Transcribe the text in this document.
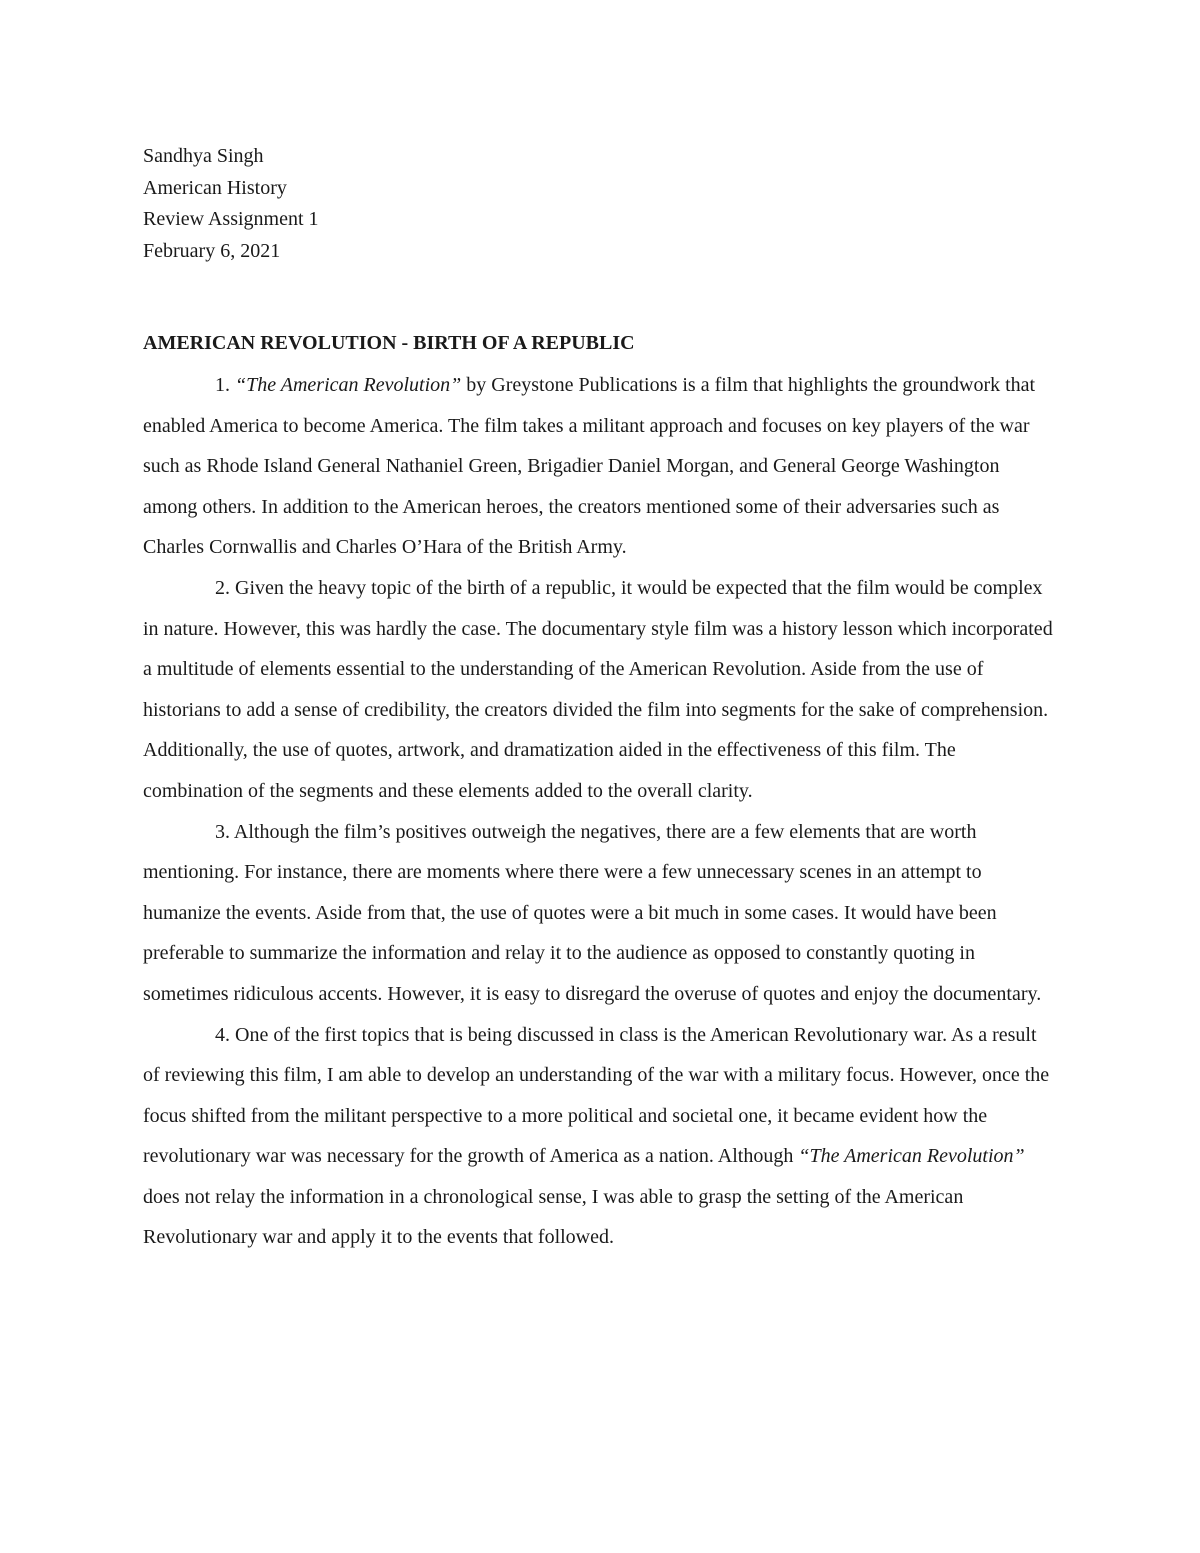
Sandhya Singh
American History
Review Assignment 1
February 6, 2021
AMERICAN REVOLUTION - BIRTH OF A REPUBLIC

1. “The American Revolution” by Greystone Publications is a film that highlights the groundwork that enabled America to become America. The film takes a militant approach and focuses on key players of the war such as Rhode Island General Nathaniel Green, Brigadier Daniel Morgan, and General George Washington among others. In addition to the American heroes, the creators mentioned some of their adversaries such as Charles Cornwallis and Charles O’Hara of the British Army.

2. Given the heavy topic of the birth of a republic, it would be expected that the film would be complex in nature. However, this was hardly the case. The documentary style film was a history lesson which incorporated a multitude of elements essential to the understanding of the American Revolution. Aside from the use of historians to add a sense of credibility, the creators divided the film into segments for the sake of comprehension. Additionally, the use of quotes, artwork, and dramatization aided in the effectiveness of this film. The combination of the segments and these elements added to the overall clarity.

3. Although the film’s positives outweigh the negatives, there are a few elements that are worth mentioning. For instance, there are moments where there were a few unnecessary scenes in an attempt to humanize the events. Aside from that, the use of quotes were a bit much in some cases. It would have been preferable to summarize the information and relay it to the audience as opposed to constantly quoting in sometimes ridiculous accents. However, it is easy to disregard the overuse of quotes and enjoy the documentary.

4. One of the first topics that is being discussed in class is the American Revolutionary war. As a result of reviewing this film, I am able to develop an understanding of the war with a military focus. However, once the focus shifted from the militant perspective to a more political and societal one, it became evident how the revolutionary war was necessary for the growth of America as a nation. Although “The American Revolution” does not relay the information in a chronological sense, I was able to grasp the setting of the American Revolutionary war and apply it to the events that followed.
